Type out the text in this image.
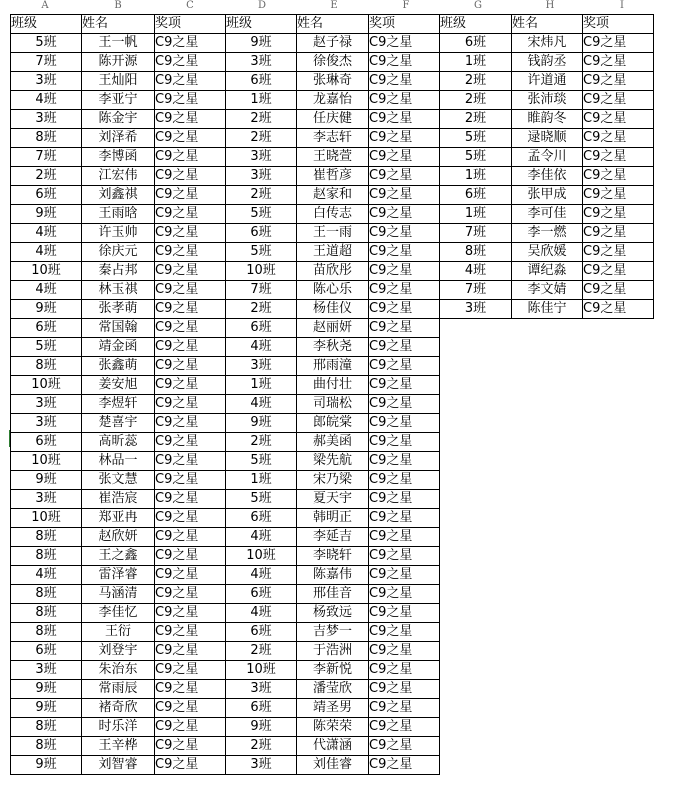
A	B	C	D	E	F	G	H	I
班级	姓名	奖项	班级	姓名	奖项	班级	姓名	奖项
5班	王一帆	C9之星	9班	赵子禄	C9之星	6班	宋炜凡	C9之星
7班	陈开源	C9之星	3班	徐俊杰	C9之星	1班	钱韵丞	C9之星
3班	王灿阳	C9之星	6班	张琳奇	C9之星	2班	许道通	C9之星
4班	李亚宁	C9之星	1班	龙嘉怡	C9之星	2班	张沛琰	C9之星
3班	陈金宇	C9之星	2班	任庆健	C9之星	2班	睢韵冬	C9之星
8班	刘泽希	C9之星	2班	李志轩	C9之星	5班	逯晓顺	C9之星
7班	李博函	C9之星	3班	王晓萱	C9之星	5班	孟令川	C9之星
2班	江宏伟	C9之星	3班	崔哲彦	C9之星	1班	李佳依	C9之星
6班	刘鑫祺	C9之星	2班	赵家和	C9之星	6班	张甲成	C9之星
9班	王雨晗	C9之星	5班	白传志	C9之星	1班	李可佳	C9之星
4班	许玉帅	C9之星	6班	王一雨	C9之星	7班	李一燃	C9之星
4班	徐庆元	C9之星	5班	王道超	C9之星	8班	吴欣媛	C9之星
10班	秦占邦	C9之星	10班	苗欣彤	C9之星	4班	谭纪淼	C9之星
4班	林玉祺	C9之星	7班	陈心乐	C9之星	7班	李文婧	C9之星
9班	张孝萌	C9之星	2班	杨佳仪	C9之星	3班	陈佳宁	C9之星
6班	常国翰	C9之星	6班	赵丽妍	C9之星			
5班	靖金函	C9之星	4班	李秋尧	C9之星			
8班	张鑫萌	C9之星	3班	邢雨潼	C9之星			
10班	姜安旭	C9之星	1班	曲付壮	C9之星			
3班	李煜轩	C9之星	4班	司瑞松	C9之星			
3班	楚喜宇	C9之星	9班	郎皖棠	C9之星			
6班	高昕蕊	C9之星	2班	郝美函	C9之星			
10班	林品一	C9之星	5班	梁先航	C9之星			
9班	张文慧	C9之星	1班	宋乃梁	C9之星			
3班	崔浩宸	C9之星	5班	夏天宇	C9之星			
10班	郑亚冉	C9之星	6班	韩明正	C9之星			
8班	赵欣妍	C9之星	4班	李延吉	C9之星			
8班	王之鑫	C9之星	10班	李晓轩	C9之星			
4班	雷泽睿	C9之星	4班	陈嘉伟	C9之星			
8班	马涵清	C9之星	6班	邢佳音	C9之星			
8班	李佳忆	C9之星	4班	杨致远	C9之星			
8班	王衍	C9之星	6班	吉梦一	C9之星			
6班	刘登宇	C9之星	2班	于浩洲	C9之星			
3班	朱治东	C9之星	10班	李新悦	C9之星			
9班	常雨辰	C9之星	3班	潘莹欣	C9之星			
9班	褚奇欣	C9之星	6班	靖圣男	C9之星			
8班	时乐洋	C9之星	9班	陈荣荣	C9之星			
8班	王辛桦	C9之星	2班	代潇涵	C9之星			
9班	刘智睿	C9之星	3班	刘佳睿	C9之星			
